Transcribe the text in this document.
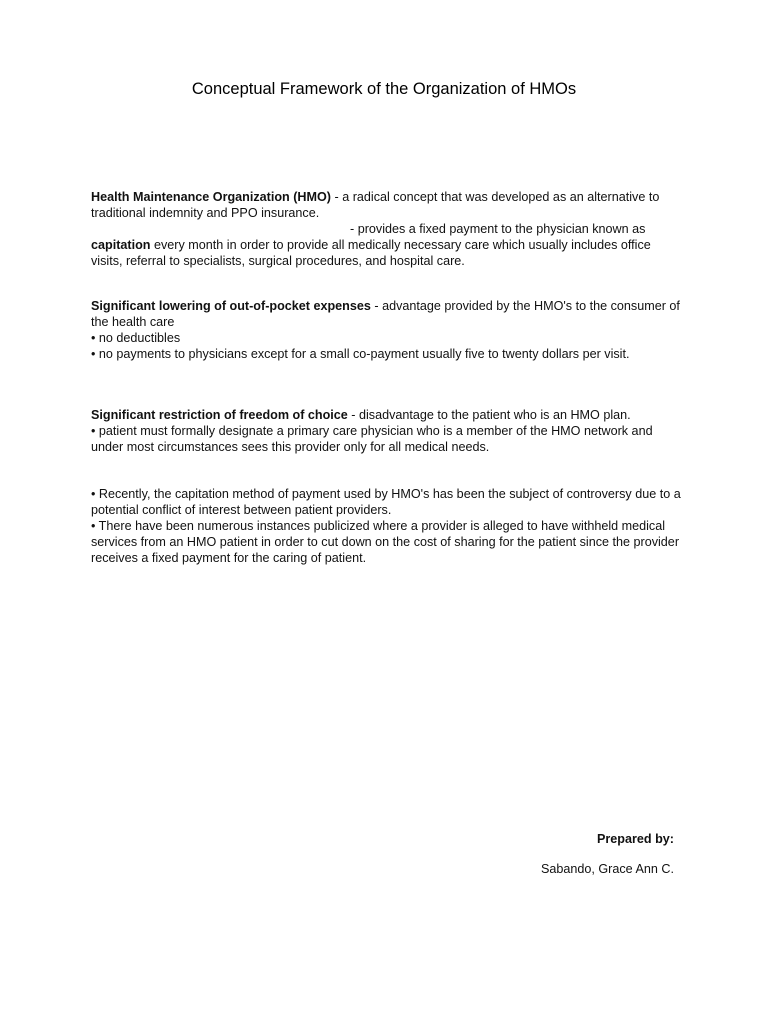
Conceptual Framework of the Organization of HMOs

Health Maintenance Organization (HMO) - a radical concept that was developed as an alternative to traditional indemnity and PPO insurance.

- provides a fixed payment to the physician known as

capitation every month in order to provide all medically necessary care which usually includes office visits, referral to specialists, surgical procedures, and hospital care.

Significant lowering of out-of-pocket expenses - advantage provided by the HMO's to the consumer of the health care

• no deductibles

• no payments to physicians except for a small co-payment usually five to twenty dollars per visit.

Significant restriction of freedom of choice - disadvantage to the patient who is an HMO plan.

• patient must formally designate a primary care physician who is a member of the HMO network and under most circumstances sees this provider only for all medical needs.

• Recently, the capitation method of payment used by HMO's has been the subject of controversy due to a potential conflict of interest between patient providers.

• There have been numerous instances publicized where a provider is alleged to have withheld medical services from an HMO patient in order to cut down on the cost of sharing for the patient since the provider receives a fixed payment for the caring of patient.

Prepared by:
Sabando, Grace Ann C.
